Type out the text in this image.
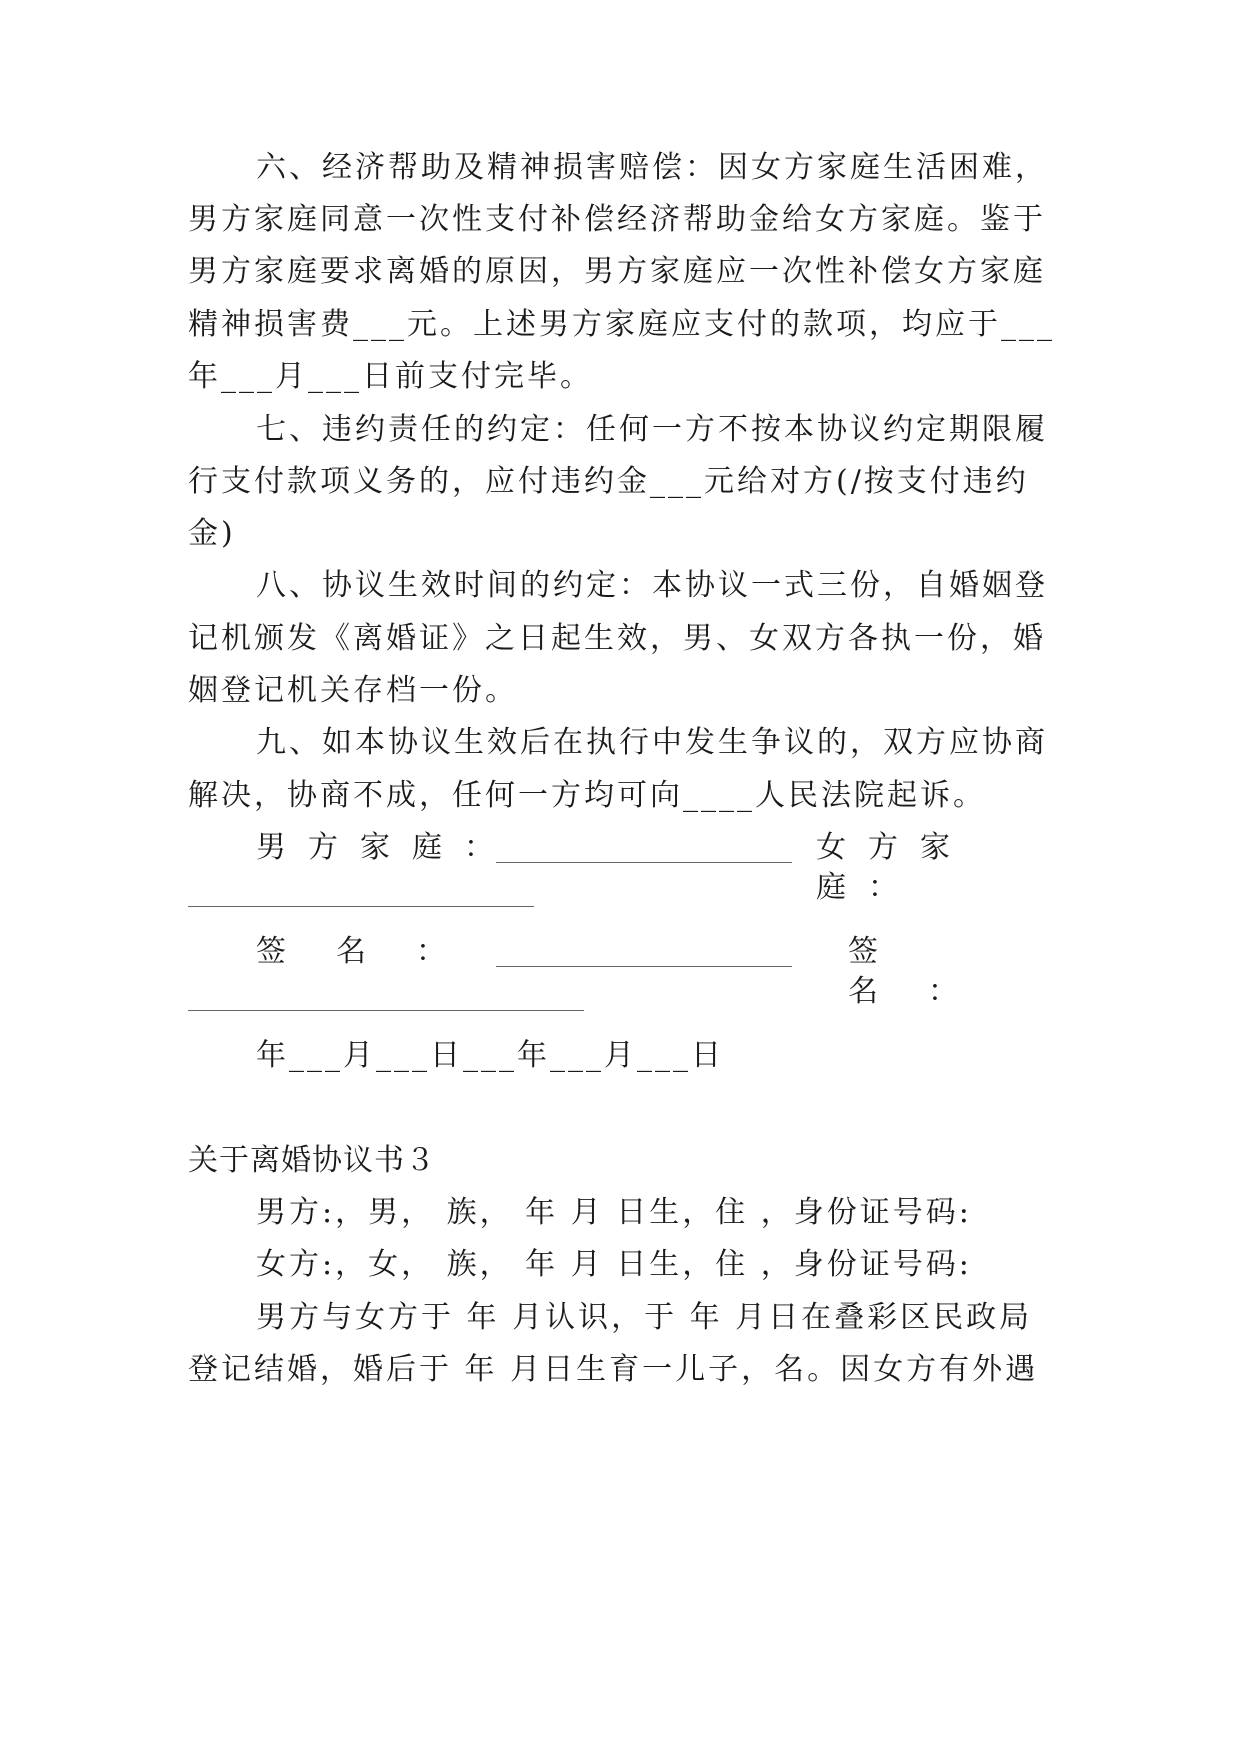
六、经济帮助及精神损害赔偿：因女方家庭生活困难，
男方家庭同意一次性支付补偿经济帮助金给女方家庭。鉴于
男方家庭要求离婚的原因，男方家庭应一次性补偿女方家庭
精神损害费___元。上述男方家庭应支付的款项，均应于___
年___月___日前支付完毕。
七、违约责任的约定：任何一方不按本协议约定期限履
行支付款项义务的，应付违约金___元给对方(/按支付违约
金)
八、协议生效时间的约定：本协议一式三份，自婚姻登
记机颁发《离婚证》之日起生效，男、女双方各执一份，婚
姻登记机关存档一份。
九、如本协议生效后在执行中发生争议的，双方应协商
解决，协商不成，任何一方均可向____人民法院起诉。
男方家庭：	女方家庭：
签名：	签名：
年___月___日___年___月___日
关于离婚协议书３
男方:，男， 族， 年 月 日生，住 ，身份证号码:
女方:，女， 族， 年 月 日生，住 ，身份证号码:
男方与女方于 年 月认识，于 年 月日在叠彩区民政局
登记结婚，婚后于 年 月日生育一儿子，名。因女方有外遇
